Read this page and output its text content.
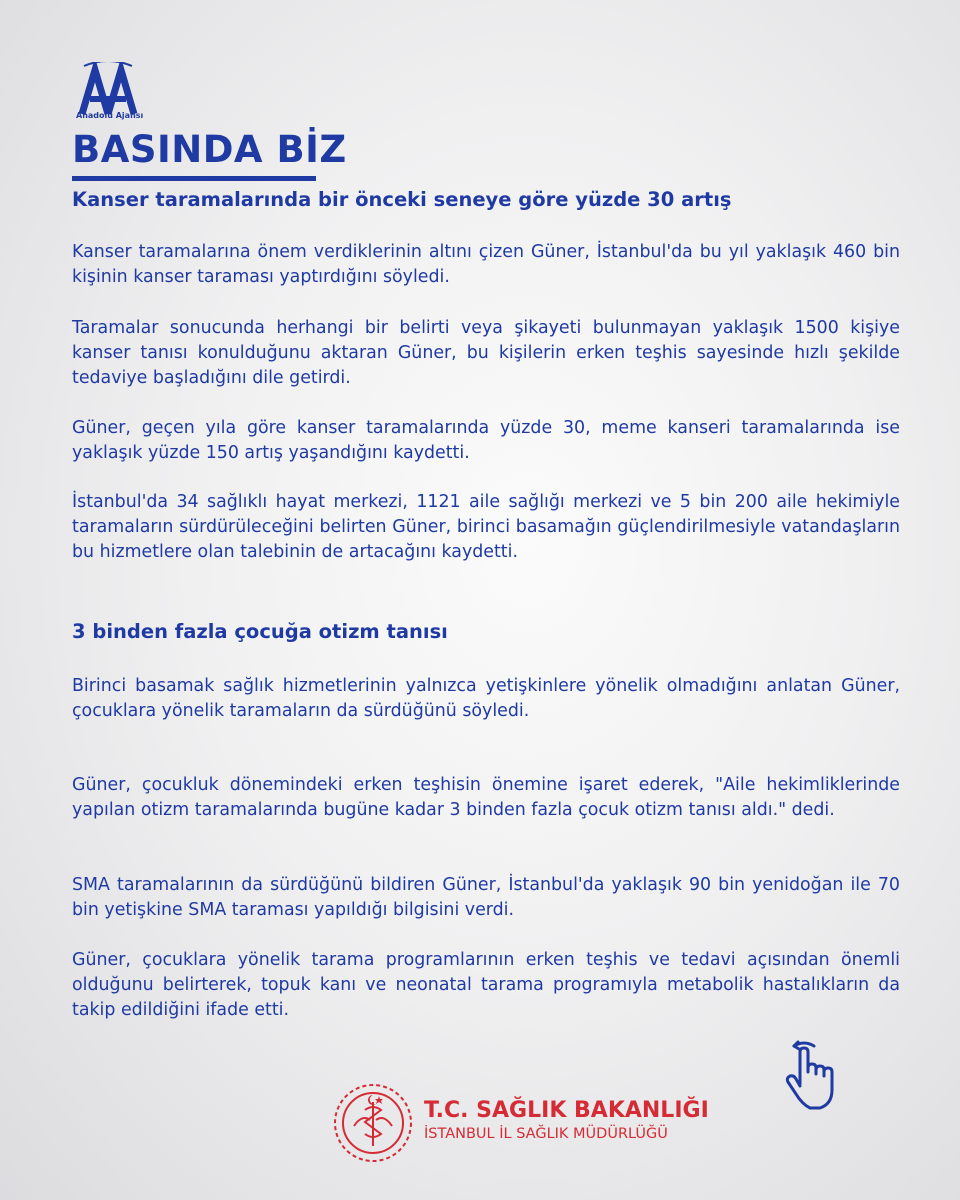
Anadolu Ajansı
BASINDA BİZ
Kanser taramalarında bir önceki seneye göre yüzde 30 artış
Kanser taramalarına önem verdiklerinin altını çizen Güner, İstanbul'da bu yıl yaklaşık 460 bin kişinin kanser taraması yaptırdığını söyledi.
Taramalar sonucunda herhangi bir belirti veya şikayeti bulunmayan yaklaşık 1500 kişiye kanser tanısı konulduğunu aktaran Güner, bu kişilerin erken teşhis sayesinde hızlı şekilde tedaviye başladığını dile getirdi.
Güner, geçen yıla göre kanser taramalarında yüzde 30, meme kanseri taramalarında ise yaklaşık yüzde 150 artış yaşandığını kaydetti.
İstanbul'da 34 sağlıklı hayat merkezi, 1121 aile sağlığı merkezi ve 5 bin 200 aile hekimiyle taramaların sürdürüleceğini belirten Güner, birinci basamağın güçlendirilmesiyle vatandaşların bu hizmetlere olan talebinin de artacağını kaydetti.
3 binden fazla çocuğa otizm tanısı
Birinci basamak sağlık hizmetlerinin yalnızca yetişkinlere yönelik olmadığını anlatan Güner, çocuklara yönelik taramaların da sürdüğünü söyledi.
Güner, çocukluk dönemindeki erken teşhisin önemine işaret ederek, "Aile hekimliklerinde yapılan otizm taramalarında bugüne kadar 3 binden fazla çocuk otizm tanısı aldı." dedi.
SMA taramalarının da sürdüğünü bildiren Güner, İstanbul'da yaklaşık 90 bin yenidoğan ile 70 bin yetişkine SMA taraması yapıldığı bilgisini verdi.
Güner, çocuklara yönelik tarama programlarının erken teşhis ve tedavi açısından önemli olduğunu belirterek, topuk kanı ve neonatal tarama programıyla metabolik hastalıkların da takip edildiğini ifade etti.
T.C. SAĞLIK BAKANLIĞI
İSTANBUL İL SAĞLIK MÜDÜRLÜĞÜ
